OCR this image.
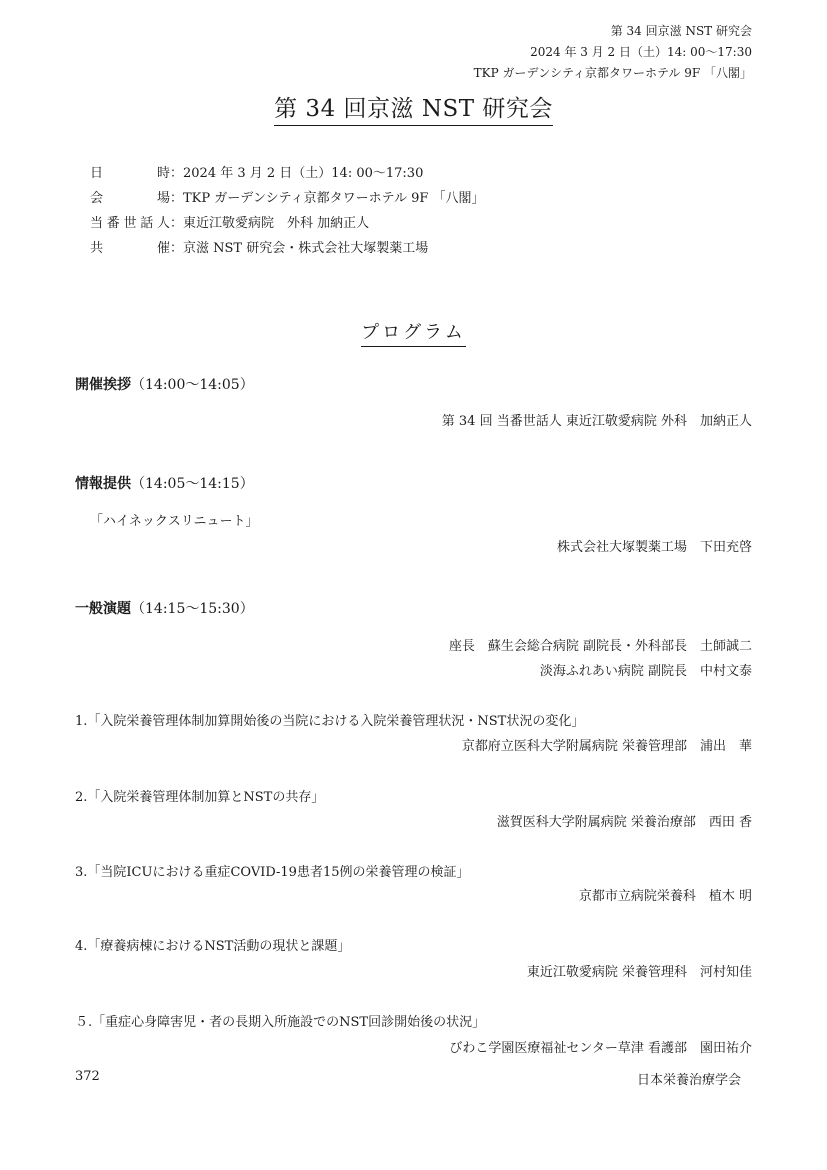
第 34 回京滋 NST 研究会
2024 年 3 月 2 日（土）14: 00〜17:30
TKP ガーデンシティ京都タワーホテル 9F 「八閣」
第 34 回京滋 NST 研究会
日　時：2024 年 3 月 2 日（土）14: 00〜17:30
会　場：TKP ガーデンシティ京都タワーホテル 9F 「八閣」
当番世話人：東近江敬愛病院　外科 加納正人
共　催：京滋 NST 研究会・株式会社大塚製薬工場
プログラム
開催挨拶（14:00〜14:05）
第 34 回 当番世話人 東近江敬愛病院 外科　加納正人
情報提供（14:05〜14:15）
「ハイネックスリニュート」
株式会社大塚製薬工場　下田充啓
一般演題（14:15〜15:30）
座長　蘇生会総合病院 副院長・外科部長　土師誠二
淡海ふれあい病院 副院長　中村文泰
1.「入院栄養管理体制加算開始後の当院における入院栄養管理状況・NST状況の変化」
京都府立医科大学附属病院 栄養管理部　浦出　華
2.「入院栄養管理体制加算とNSTの共存」
滋賀医科大学附属病院 栄養治療部　西田 香
3.「当院ICUにおける重症COVID-19患者15例の栄養管理の検証」
京都市立病院栄養科　植木 明
4.「療養病棟におけるNST活動の現状と課題」
東近江敬愛病院 栄養管理科　河村知佳
５.「重症心身障害児・者の長期入所施設でのNST回診開始後の状況」
びわこ学園医療福祉センター草津 看護部　園田祐介
372	日本栄養治療学会
